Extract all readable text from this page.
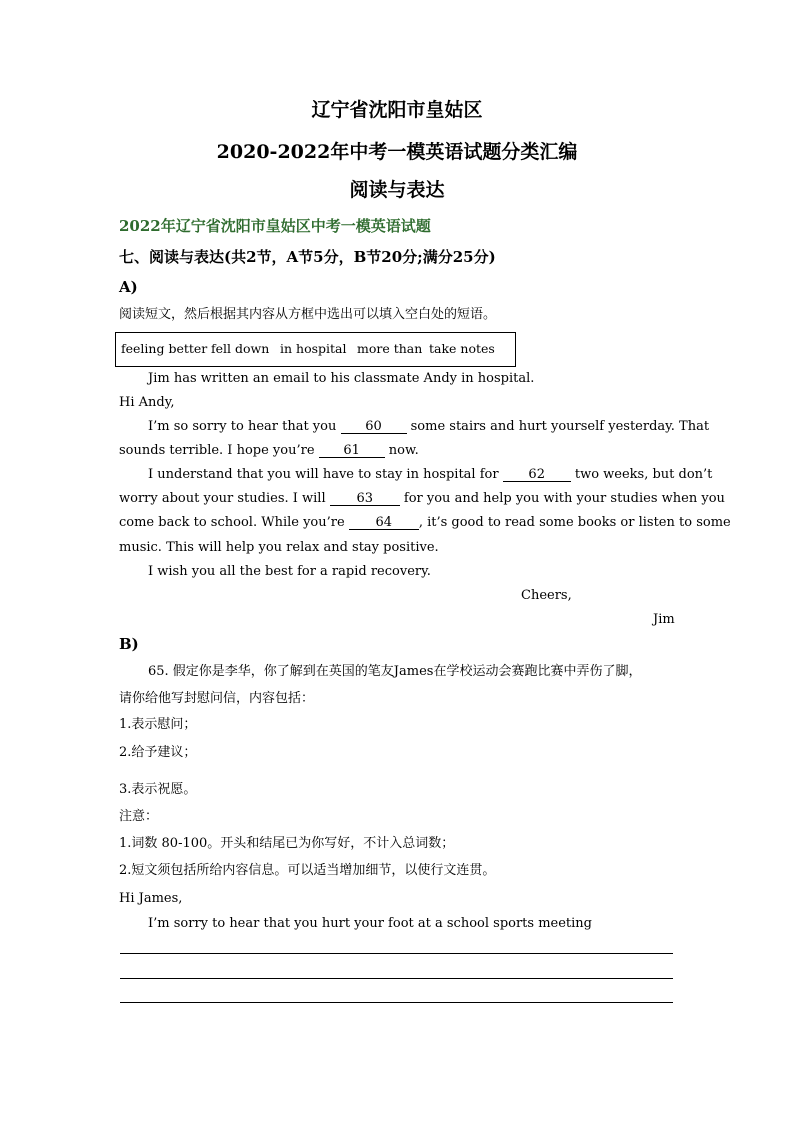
辽宁省沈阳市皇姑区
2020-2022年中考一模英语试题分类汇编
阅读与表达
2022年辽宁省沈阳市皇姑区中考一模英语试题
七、阅读与表达(共2节，A节5分，B节20分;满分25分)
A)
阅读短文，然后根据其内容从方框中选出可以填入空白处的短语。
feeling better fell down in hospital more than take notes
Jim has written an email to his classmate Andy in hospital.
Hi Andy,
I’m so sorry to hear that you 60 some stairs and hurt yourself yesterday. That
sounds terrible. I hope you’re 61 now.
I understand that you will have to stay in hospital for 62 two weeks, but don’t
worry about your studies. I will 63 for you and help you with your studies when you
come back to school. While you’re 64 , it’s good to read some books or listen to some
music. This will help you relax and stay positive.
I wish you all the best for a rapid recovery.
Cheers,
Jim
B)
65. 假定你是李华，你了解到在英国的笔友James在学校运动会赛跑比赛中弄伤了脚，
请你给他写封慰问信，内容包括：
1.表示慰问；
2.给予建议；
3.表示祝愿。
注意：
1.词数 80-100。开头和结尾已为你写好，不计入总词数；
2.短文须包括所给内容信息。可以适当增加细节，以使行文连贯。
Hi James,
I’m sorry to hear that you hurt your foot at a school sports meeting
